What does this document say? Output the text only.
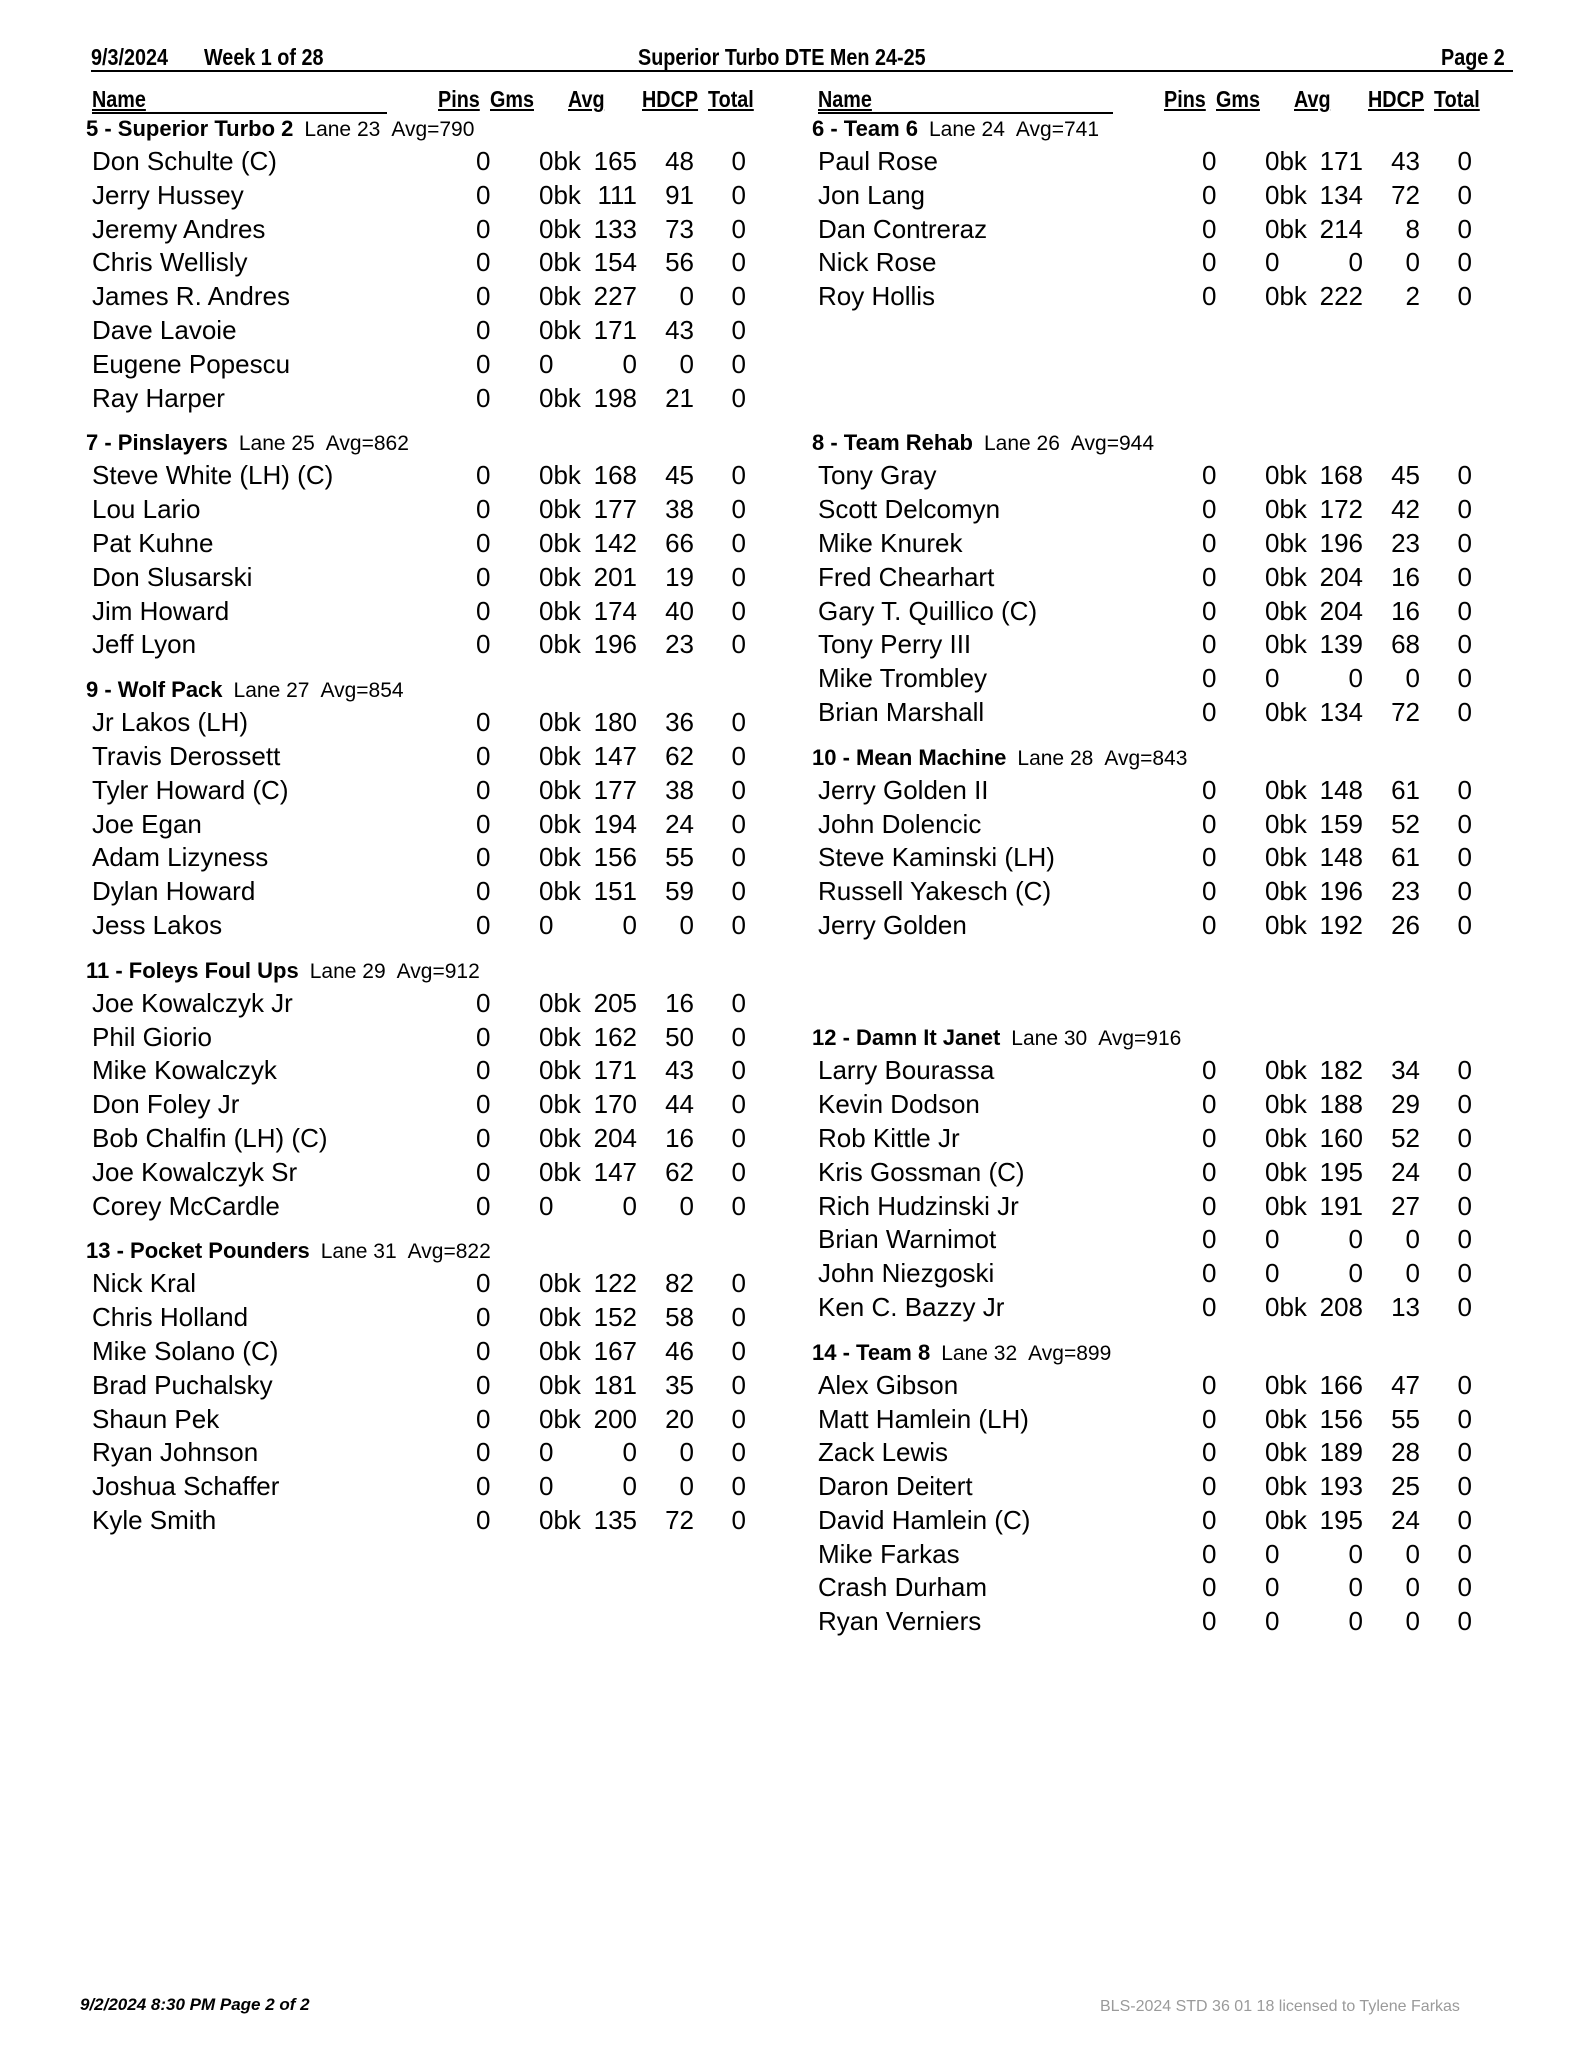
9/3/2024 Week 1 of 28	Superior Turbo DTE Men 24-25	Page 2
Name	Pins Gms Avg HDCP Total
5 - Superior Turbo 2  Lane 23  Avg=790
Don Schulte (C)	0 0bk 165 48 0
Jerry Hussey	0 0bk 111 91 0
Jeremy Andres	0 0bk 133 73 0
Chris Wellisly	0 0bk 154 56 0
James R. Andres	0 0bk 227 0 0
Dave Lavoie	0 0bk 171 43 0
Eugene Popescu	0 0	0 0 0
Ray Harper	0 0bk 198 21 0
7 - Pinslayers  Lane 25  Avg=862
Steve White (LH) (C)	0 0bk 168 45 0
Lou Lario	0 0bk 177 38 0
Pat Kuhne	0 0bk 142 66 0
Don Slusarski	0 0bk 201 19 0
Jim Howard	0 0bk 174 40 0
Jeff Lyon	0 0bk 196 23 0
9 - Wolf Pack  Lane 27  Avg=854
Jr Lakos (LH)	0 0bk 180 36 0
Travis Derossett	0 0bk 147 62 0
Tyler Howard (C)	0 0bk 177 38 0
Joe Egan	0 0bk 194 24 0
Adam Lizyness	0 0bk 156 55 0
Dylan Howard	0 0bk 151 59 0
Jess Lakos	0 0	0 0 0
11 - Foleys Foul Ups  Lane 29  Avg=912
Joe Kowalczyk Jr	0 0bk 205 16 0
Phil Giorio	0 0bk 162 50 0
Mike Kowalczyk	0 0bk 171 43 0
Don Foley Jr	0 0bk 170 44 0
Bob Chalfin (LH) (C)	0 0bk 204 16 0
Joe Kowalczyk Sr	0 0bk 147 62 0
Corey McCardle	0 0	0 0 0
13 - Pocket Pounders  Lane 31  Avg=822
Nick Kral	0 0bk 122 82 0
Chris Holland	0 0bk 152 58 0
Mike Solano (C)	0 0bk 167 46 0
Brad Puchalsky	0 0bk 181 35 0
Shaun Pek	0 0bk 200 20 0
Ryan Johnson	0 0	0 0 0
Joshua Schaffer	0 0	0 0 0
Kyle Smith	0 0bk 135 72 0
Name	Pins Gms Avg HDCP Total
6 - Team 6  Lane 24  Avg=741
Paul Rose	0 0bk 171 43 0
Jon Lang	0 0bk 134 72 0
Dan Contreraz	0 0bk 214 8 0
Nick Rose	0 0	0 0 0
Roy Hollis	0 0bk 222 2 0
8 - Team Rehab  Lane 26  Avg=944
Tony Gray	0 0bk 168 45 0
Scott Delcomyn	0 0bk 172 42 0
Mike Knurek	0 0bk 196 23 0
Fred Chearhart	0 0bk 204 16 0
Gary T. Quillico (C)	0 0bk 204 16 0
Tony Perry III	0 0bk 139 68 0
Mike Trombley	0 0	0 0 0
Brian Marshall	0 0bk 134 72 0
10 - Mean Machine  Lane 28  Avg=843
Jerry Golden II	0 0bk 148 61 0
John Dolencic	0 0bk 159 52 0
Steve Kaminski (LH)	0 0bk 148 61 0
Russell Yakesch (C)	0 0bk 196 23 0
Jerry Golden	0 0bk 192 26 0
12 - Damn It Janet  Lane 30  Avg=916
Larry Bourassa	0 0bk 182 34 0
Kevin Dodson	0 0bk 188 29 0
Rob Kittle Jr	0 0bk 160 52 0
Kris Gossman (C)	0 0bk 195 24 0
Rich Hudzinski Jr	0 0bk 191 27 0
Brian Warnimot	0 0	0 0 0
John Niezgoski	0 0	0 0 0
Ken C. Bazzy Jr	0 0bk 208 13 0
14 - Team 8  Lane 32  Avg=899
Alex Gibson	0 0bk 166 47 0
Matt Hamlein (LH)	0 0bk 156 55 0
Zack Lewis	0 0bk 189 28 0
Daron Deitert	0 0bk 193 25 0
David Hamlein (C)	0 0bk 195 24 0
Mike Farkas	0 0	0 0 0
Crash Durham	0 0	0 0 0
Ryan Verniers	0 0	0 0 0
9/2/2024 8:30 PM Page 2 of 2	BLS-2024 STD 36 01 18 licensed to Tylene Farkas
